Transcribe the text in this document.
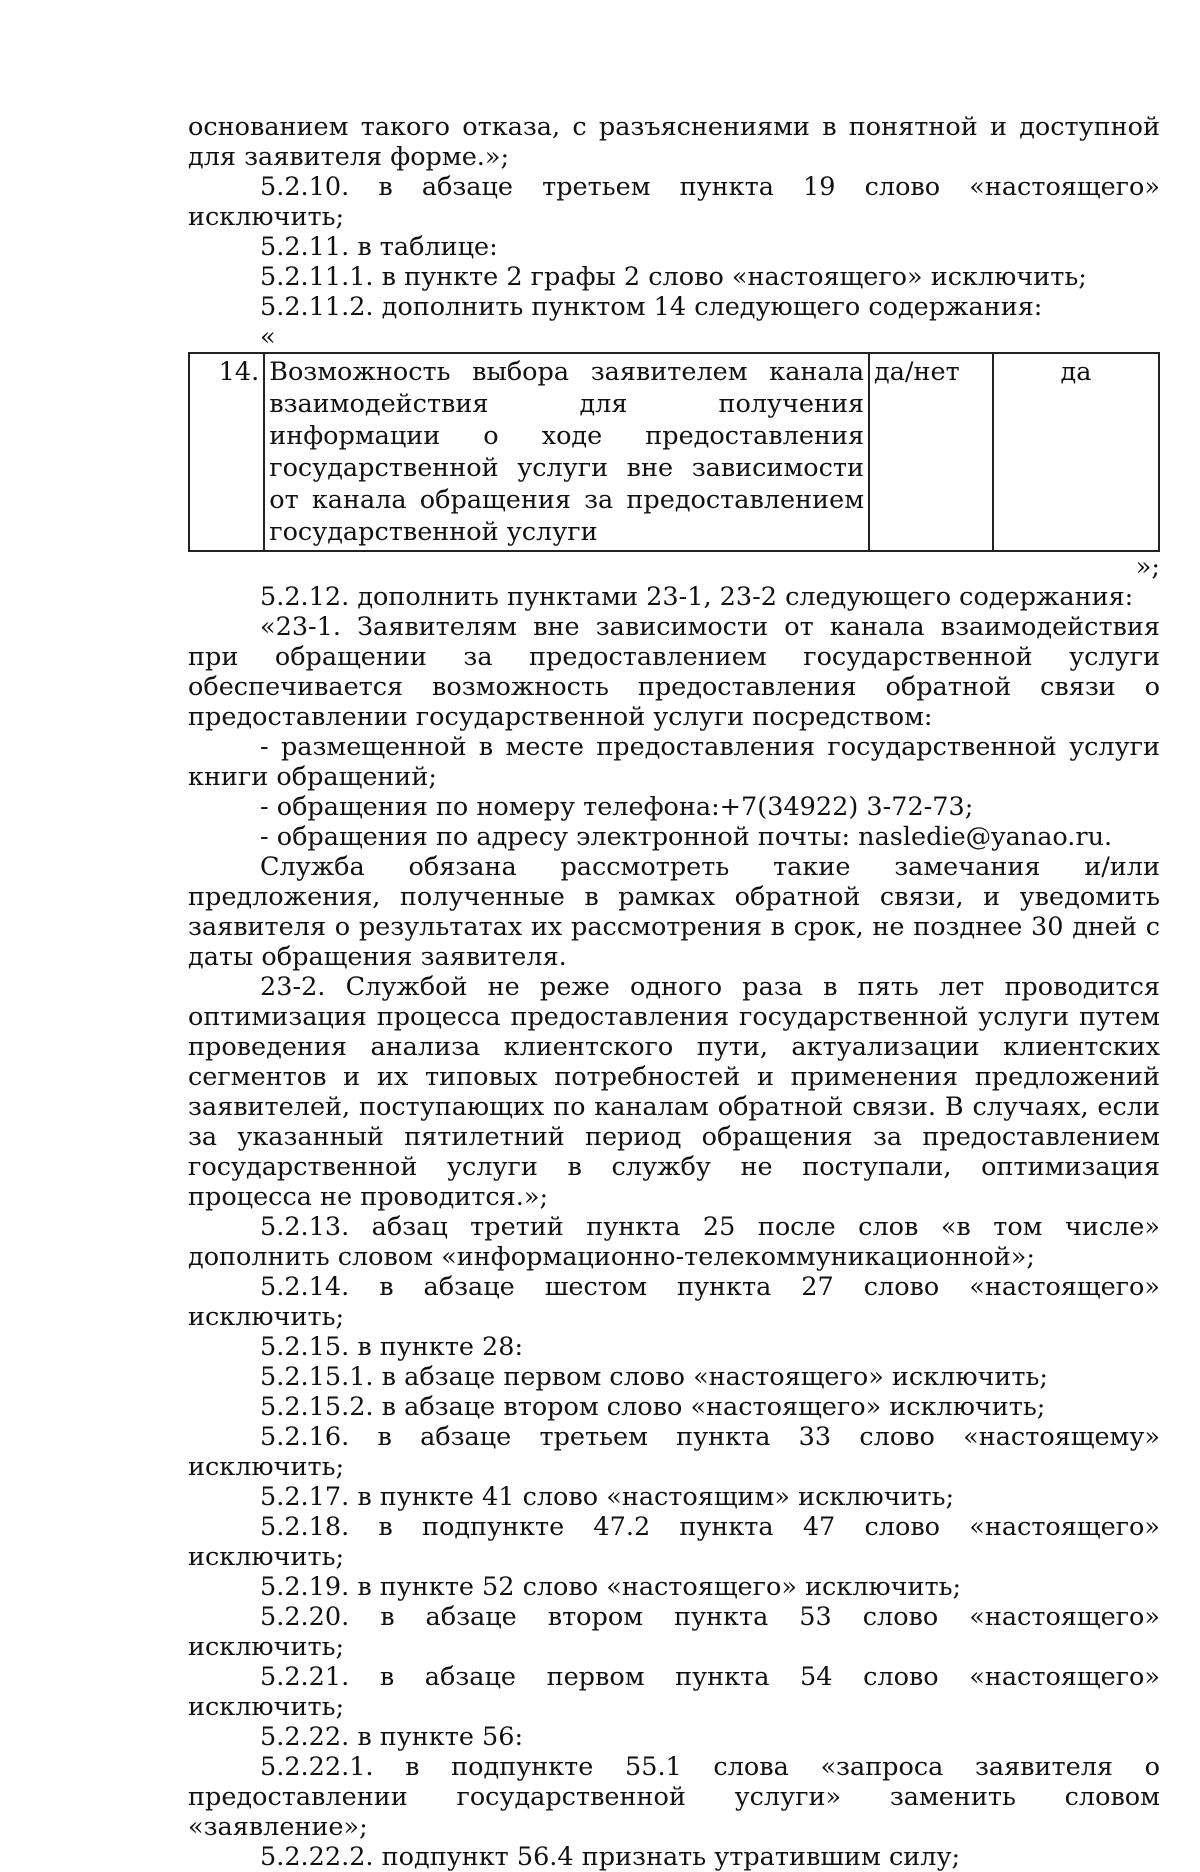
основанием такого отказа, с разъяснениями в понятной и доступной для заявителя форме.»;

5.2.10. в абзаце третьем пункта 19 слово «настоящего» исключить;

5.2.11. в таблице:

5.2.11.1. в пункте 2 графы 2 слово «настоящего» исключить;

5.2.11.2. дополнить пунктом 14 следующего содержания:

«

14.	Возможность выбора заявителем канала взаимодействия для получения информации о ходе предоставления государственной услуги вне зависимости от канала обращения за предоставлением государственной услуги	да/нет	да

»;

5.2.12. дополнить пунктами 23-1, 23-2 следующего содержания:

«23-1. Заявителям вне зависимости от канала взаимодействия при обращении за предоставлением государственной услуги обеспечивается возможность предоставления обратной связи о предоставлении государственной услуги посредством:

- размещенной в месте предоставления государственной услуги книги обращений;

- обращения по номеру телефона:+7(34922) 3-72-73;

- обращения по адресу электронной почты: nasledie@yanao.ru.

Служба обязана рассмотреть такие замечания и/или предложения, полученные в рамках обратной связи, и уведомить заявителя о результатах их рассмотрения в срок, не позднее 30 дней с даты обращения заявителя.

23-2. Службой не реже одного раза в пять лет проводится оптимизация процесса предоставления государственной услуги путем проведения анализа клиентского пути, актуализации клиентских сегментов и их типовых потребностей и применения предложений заявителей, поступающих по каналам обратной связи. В случаях, если за указанный пятилетний период обращения за предоставлением государственной услуги в службу не поступали, оптимизация процесса не проводится.»;

5.2.13. абзац третий пункта 25 после слов «в том числе» дополнить словом «информационно-телекоммуникационной»;

5.2.14. в абзаце шестом пункта 27 слово «настоящего» исключить;

5.2.15. в пункте 28:

5.2.15.1. в абзаце первом слово «настоящего» исключить;

5.2.15.2. в абзаце втором слово «настоящего» исключить;

5.2.16. в абзаце третьем пункта 33 слово «настоящему» исключить;

5.2.17. в пункте 41 слово «настоящим» исключить;

5.2.18. в подпункте 47.2 пункта 47 слово «настоящего» исключить;

5.2.19. в пункте 52 слово «настоящего» исключить;

5.2.20. в абзаце втором пункта 53 слово «настоящего» исключить;

5.2.21. в абзаце первом пункта 54 слово «настоящего» исключить;

5.2.22. в пункте 56:

5.2.22.1. в подпункте 55.1 слова «запроса заявителя о предоставлении государственной услуги» заменить словом «заявление»;

5.2.22.2. подпункт 56.4 признать утратившим силу;
